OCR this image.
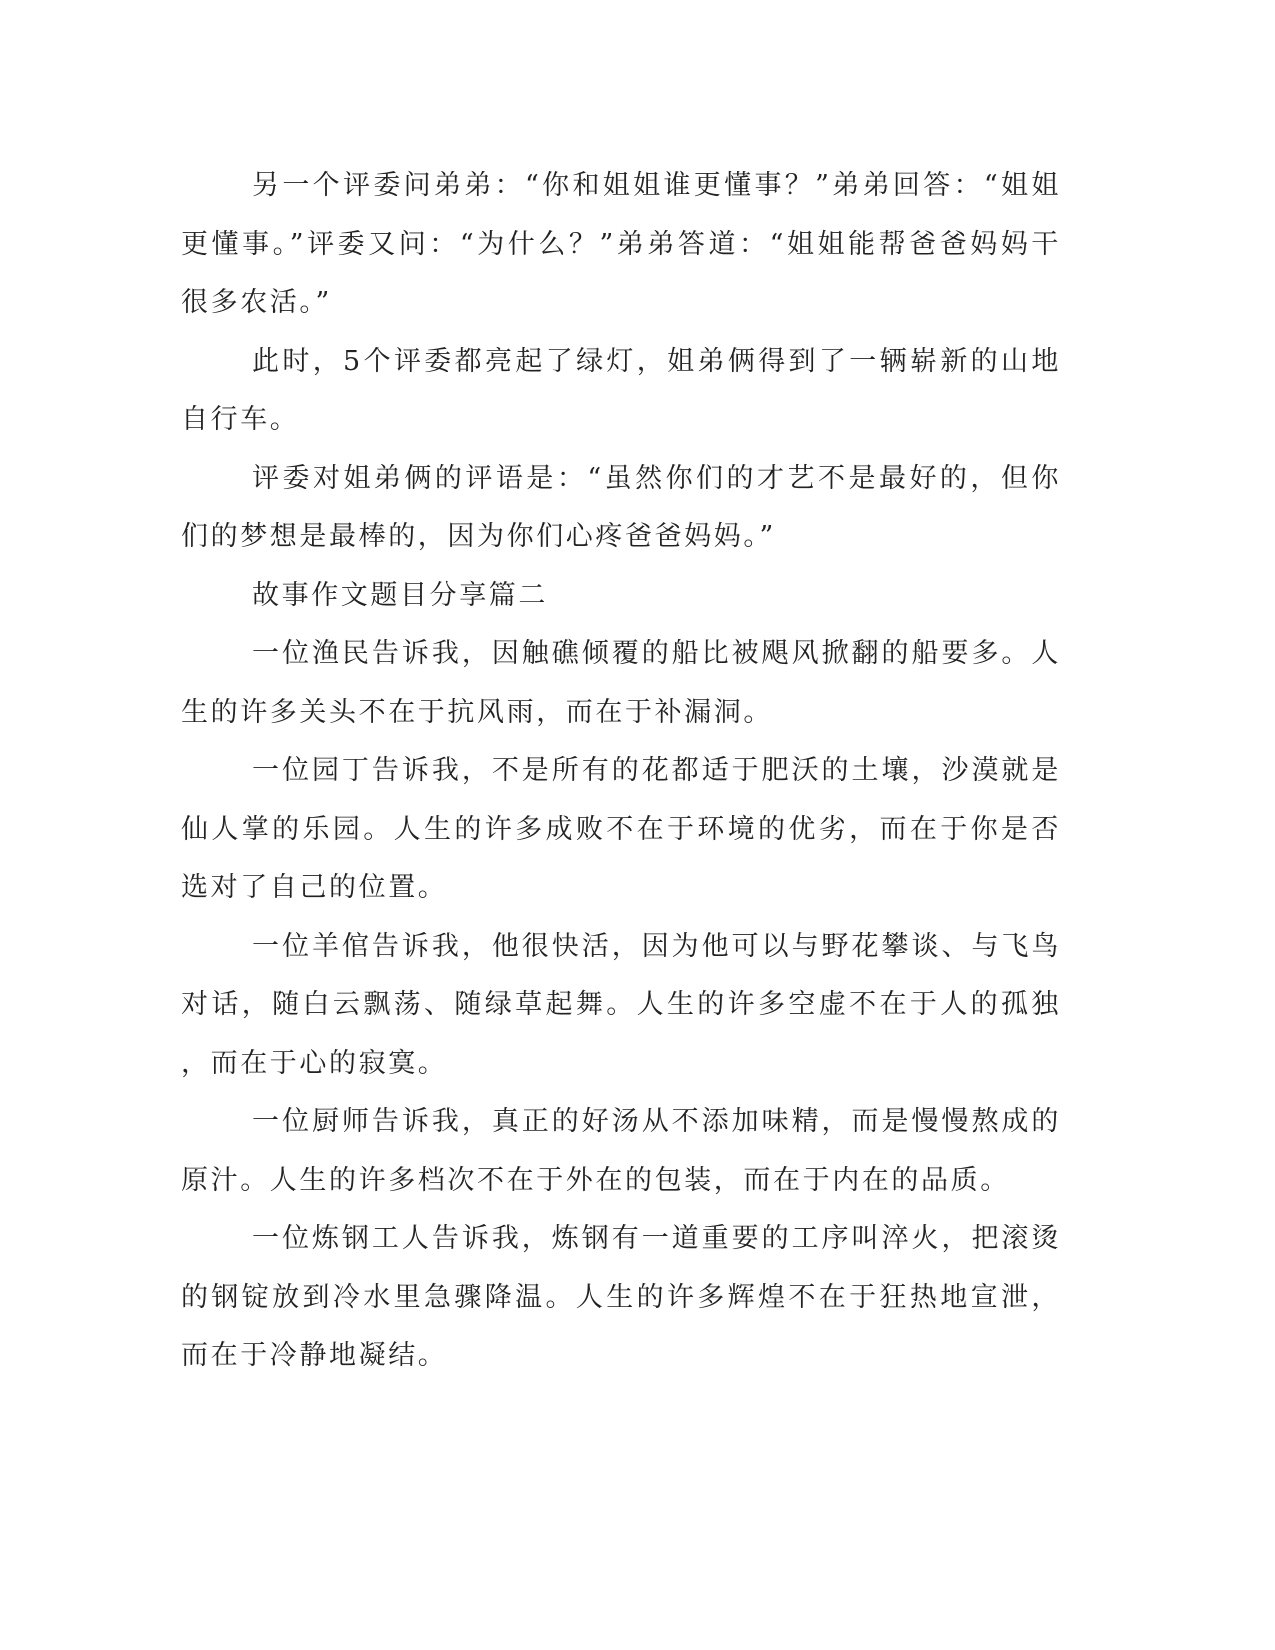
另一个评委问弟弟：“你和姐姐谁更懂事？”弟弟回答：“姐姐更懂事。”评委又问：“为什么？”弟弟答道：“姐姐能帮爸爸妈妈干很多农活。”

此时，5个评委都亮起了绿灯，姐弟俩得到了一辆崭新的山地自行车。

评委对姐弟俩的评语是：“虽然你们的才艺不是最好的，但你们的梦想是最棒的，因为你们心疼爸爸妈妈。”

故事作文题目分享篇二

一位渔民告诉我，因触礁倾覆的船比被飓风掀翻的船要多。人生的许多关头不在于抗风雨，而在于补漏洞。

一位园丁告诉我，不是所有的花都适于肥沃的土壤，沙漠就是仙人掌的乐园。人生的许多成败不在于环境的优劣，而在于你是否选对了自己的位置。

一位羊倌告诉我，他很快活，因为他可以与野花攀谈、与飞鸟对话，随白云飘荡、随绿草起舞。人生的许多空虚不在于人的孤独，而在于心的寂寞。

一位厨师告诉我，真正的好汤从不添加味精，而是慢慢熬成的原汁。人生的许多档次不在于外在的包装，而在于内在的品质。

一位炼钢工人告诉我，炼钢有一道重要的工序叫淬火，把滚烫的钢锭放到冷水里急骤降温。人生的许多辉煌不在于狂热地宣泄，而在于冷静地凝结。
